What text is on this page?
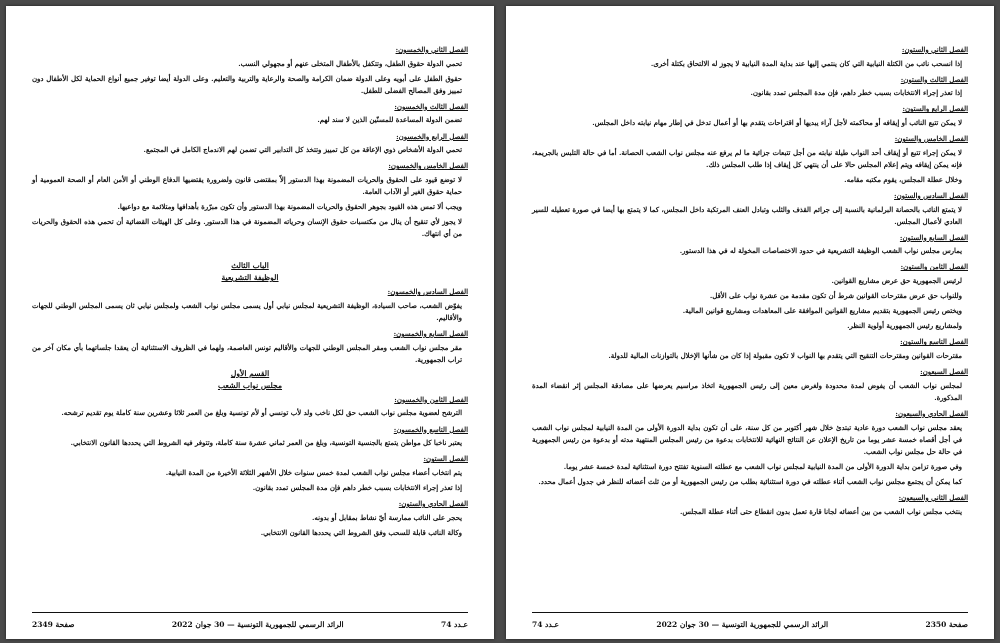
الفصل الثاني والخمسون:
تحمي الدولة حقوق الطفل، وتتكفل بالأطفال المتخلى عنهم أو مجهولي النسب.
حقوق الطفل على أبويه وعلى الدولة ضمان الكرامة والصحة والرعاية والتربية والتعليم. وعلى الدولة أيضا توفير جميع أنواع الحماية لكل الأطفال دون تمييز وفق المصالح الفضلى للطفل.
الفصل الثالث والخمسون:
تضمن الدولة المساعدة للمسنّين الذين لا سند لهم.
الفصل الرابع والخمسون:
تحمي الدولة الأشخاص ذوي الإعاقة من كل تمييز وتتخذ كل التدابير التي تضمن لهم الاندماج الكامل في المجتمع.
الفصل الخامس والخمسون:
لا توضع قيود على الحقوق والحريات المضمونة بهذا الدستور إلاّ بمقتضى قانون ولضرورة يقتضيها الدفاع الوطني أو الأمن العام أو الصحة العمومية أو حماية حقوق الغير أو الآداب العامة.
ويجب ألا تمس هذه القيود بجوهر الحقوق والحريات المضمونة بهذا الدستور وأن تكون مبرّرة بأهدافها ومتلائمة مع دواعيها.
لا يجوز لأي تنقيح أن ينال من مكتسبات حقوق الإنسان وحرياته المضمونة في هذا الدستور. وعلى كل الهيئات القضائية أن تحمي هذه الحقوق والحريات من أي انتهاك.
الباب الثالث
الوظيفة التشريعية
الفصل السادس والخمسون:
يفوّض الشعب، صاحب السيادة، الوظيفة التشريعية لمجلس نيابي أول يسمى مجلس نواب الشعب ولمجلس نيابي ثان يسمى المجلس الوطني للجهات والأقاليم.
الفصل السابع والخمسون:
مقر مجلس نواب الشعب ومقر المجلس الوطني للجهات والأقاليم تونس العاصمة، ولهما في الظروف الاستثنائية أن يعقدا جلساتهما بأي مكان آخر من تراب الجمهورية.
القسم الأول
مجلس نواب الشعب
الفصل الثامن والخمسون:
الترشح لعضوية مجلس نواب الشعب حق لكل ناخب ولد لأب تونسي أو لأم تونسية وبلغ من العمر ثلاثا وعشرين سنة كاملة يوم تقديم ترشحه.
الفصل التاسع والخمسون:
يعتبر ناخبا كل مواطن يتمتع بالجنسية التونسية، وبلغ من العمر ثماني عشرة سنة كاملة، وتتوفر فيه الشروط التي يحددها القانون الانتخابي.
الفصل الستون:
يتم انتخاب أعضاء مجلس نواب الشعب لمدة خمس سنوات خلال الأشهر الثلاثة الأخيرة من المدة النيابية.
إذا تعذر إجراء الانتخابات بسبب خطر داهم فإن مدة المجلس تمدد بقانون.
الفصل الحادي والستون:
يحجر على النائب ممارسة أيّ نشاط بمقابل أو بدونه.
وكالة النائب قابلة للسحب وفق الشروط التي يحددها القانون الانتخابي.
عـدد 74
الرائد الرسمي للجمهورية التونسية — 30 جوان 2022
صفحة 2349
الفصل الثاني والستون:
إذا انسحب نائب من الكتلة النيابية التي كان ينتمي إليها عند بداية المدة النيابية لا يجوز له الالتحاق بكتلة أخرى.
الفصل الثالث والستون:
إذا تعذر إجراء الانتخابات بسبب خطر داهم، فإن مدة المجلس تمدد بقانون.
الفصل الرابع والستون:
لا يمكن تتبع النائب أو إيقافه أو محاكمته لأجل آراء يبديها أو اقتراحات يتقدم بها أو أعمال تدخل في إطار مهام نيابته داخل المجلس.
الفصل الخامس والستون:
لا يمكن إجراء تتبع أو إيقاف أحد النواب طيلة نيابته من أجل تتبعات جزائية ما لم يرفع عنه مجلس نواب الشعب الحصانة. أما في حالة التلبس بالجريمة، فإنه يمكن إيقافه ويتم إعلام المجلس حالا على أن ينتهي كل إيقاف إذا طلب المجلس ذلك.
وخلال عطلة المجلس، يقوم مكتبه مقامه.
الفصل السادس والستون:
لا يتمتع النائب بالحصانة البرلمانية بالنسبة إلى جرائم القذف والثلب وتبادل العنف المرتكبة داخل المجلس، كما لا يتمتع بها أيضا في صورة تعطيله للسير العادي لأعمال المجلس.
الفصل السابع والستون:
يمارس مجلس نواب الشعب الوظيفة التشريعية في حدود الاختصاصات المخولة له في هذا الدستور.
الفصل الثامن والستون:
لرئيس الجمهورية حق عرض مشاريع القوانين.
وللنواب حق عرض مقترحات القوانين شرط أن تكون مقدمة من عشرة نواب على الأقل.
ويختص رئيس الجمهورية بتقديم مشاريع القوانين الموافقة على المعاهدات ومشاريع قوانين المالية.
ولمشاريع رئيس الجمهورية أولوية النظر.
الفصل التاسع والستون:
مقترحات القوانين ومقترحات التنقيح التي يتقدم بها النواب لا تكون مقبولة إذا كان من شأنها الإخلال بالتوازنات المالية للدولة.
الفصل السبعون:
لمجلس نواب الشعب أن يفوض لمدة محدودة ولغرض معين إلى رئيس الجمهورية اتخاذ مراسيم يعرضها على مصادقة المجلس إثر انقضاء المدة المذكورة.
الفصل الحادي والسبعون:
يعقد مجلس نواب الشعب دورة عادية تبتدئ خلال شهر أكتوبر من كل سنة، على أن تكون بداية الدورة الأولى من المدة النيابية لمجلس نواب الشعب في أجل أقصاه خمسة عشر يوما من تاريخ الإعلان عن النتائج النهائية للانتخابات بدعوة من رئيس المجلس المنتهية مدته أو بدعوة من رئيس الجمهورية في حالة حل مجلس نواب الشعب.
وفي صورة تزامن بداية الدورة الأولى من المدة النيابية لمجلس نواب الشعب مع عطلته السنوية تفتتح دورة استثنائية لمدة خمسة عشر يوما.
كما يمكن أن يجتمع مجلس نواب الشعب أثناء عطلته في دورة استثنائية بطلب من رئيس الجمهورية أو من ثلث أعضائه للنظر في جدول أعمال محدد.
الفصل الثاني والسبعون:
ينتخب مجلس نواب الشعب من بين أعضائه لجانا قارة تعمل بدون انقطاع حتى أثناء عطلة المجلس.
صفحة 2350
الرائد الرسمي للجمهورية التونسية — 30 جوان 2022
عـدد 74
